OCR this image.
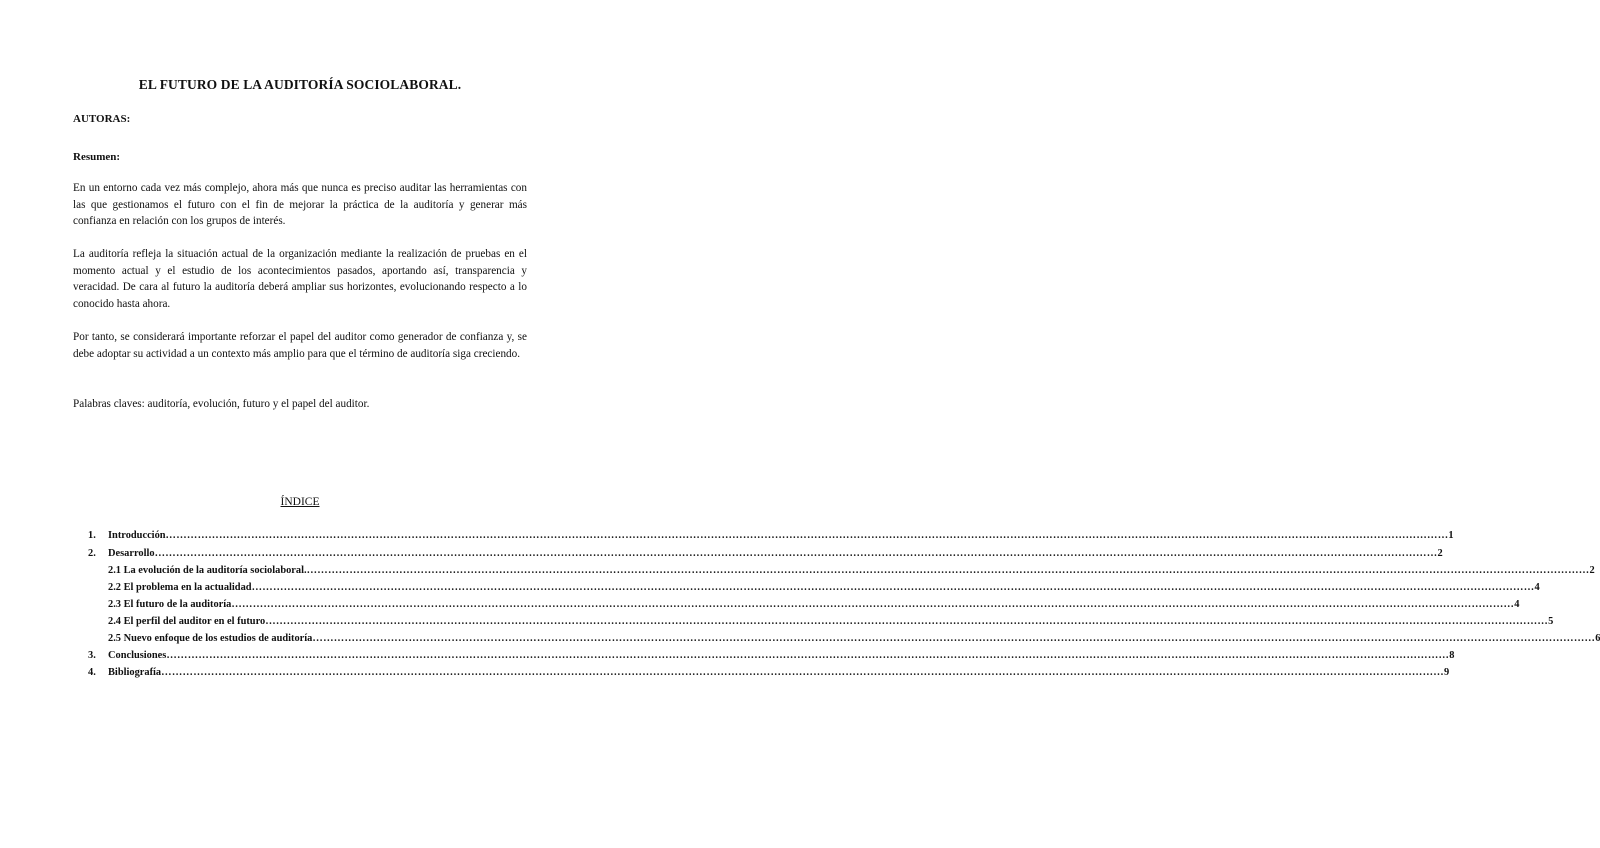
EL FUTURO DE LA AUDITORÍA SOCIOLABORAL.
AUTORAS:
Resumen:

En un entorno cada vez más complejo, ahora más que nunca es preciso auditar las herramientas con las que gestionamos el futuro con el fin de mejorar la práctica de la auditoría y generar más confianza en relación con los grupos de interés.

La auditoría refleja la situación actual de la organización mediante la realización de pruebas en el momento actual y el estudio de los acontecimientos pasados, aportando así, transparencia y veracidad. De cara al futuro la auditoría deberá ampliar sus horizontes, evolucionando respecto a lo conocido hasta ahora.

Por tanto, se considerará importante reforzar el papel del auditor como generador de confianza y, se debe adoptar su actividad a un contexto más amplio para que el término de auditoría siga creciendo.

Palabras claves: auditoría, evolución, futuro y el papel del auditor.

ÍNDICE
1.	Introducción ……………………………………………………………………………………………………………………………………………………………………………………………………………………………………………………………………………………………………………………………… 1
2.	Desarrollo ……………………………………………………………………………………………………………………………………………………………………………………………………………………………………………………………………………………………………………………………… 2
2.1 La evolución de la auditoría sociolaboral. ……………………………………………………………………………………………………………………………………………………………………………………………………………………………………………………………………………………………………………………………… 2
2.2 El problema en la actualidad ……………………………………………………………………………………………………………………………………………………………………………………………………………………………………………………………………………………………………………………………… 4
2.3 El futuro de la auditoría ……………………………………………………………………………………………………………………………………………………………………………………………………………………………………………………………………………………………………………………………… 4
2.4 El perfil del auditor en el futuro ……………………………………………………………………………………………………………………………………………………………………………………………………………………………………………………………………………………………………………………………… 5
2.5 Nuevo enfoque de los estudios de auditoría ……………………………………………………………………………………………………………………………………………………………………………………………………………………………………………………………………………………………………………………………… 6
3.	Conclusiones ……………………………………………………………………………………………………………………………………………………………………………………………………………………………………………………………………………………………………………………………… 8
4.	Bibliografía ……………………………………………………………………………………………………………………………………………………………………………………………………………………………………………………………………………………………………………………………… 9
